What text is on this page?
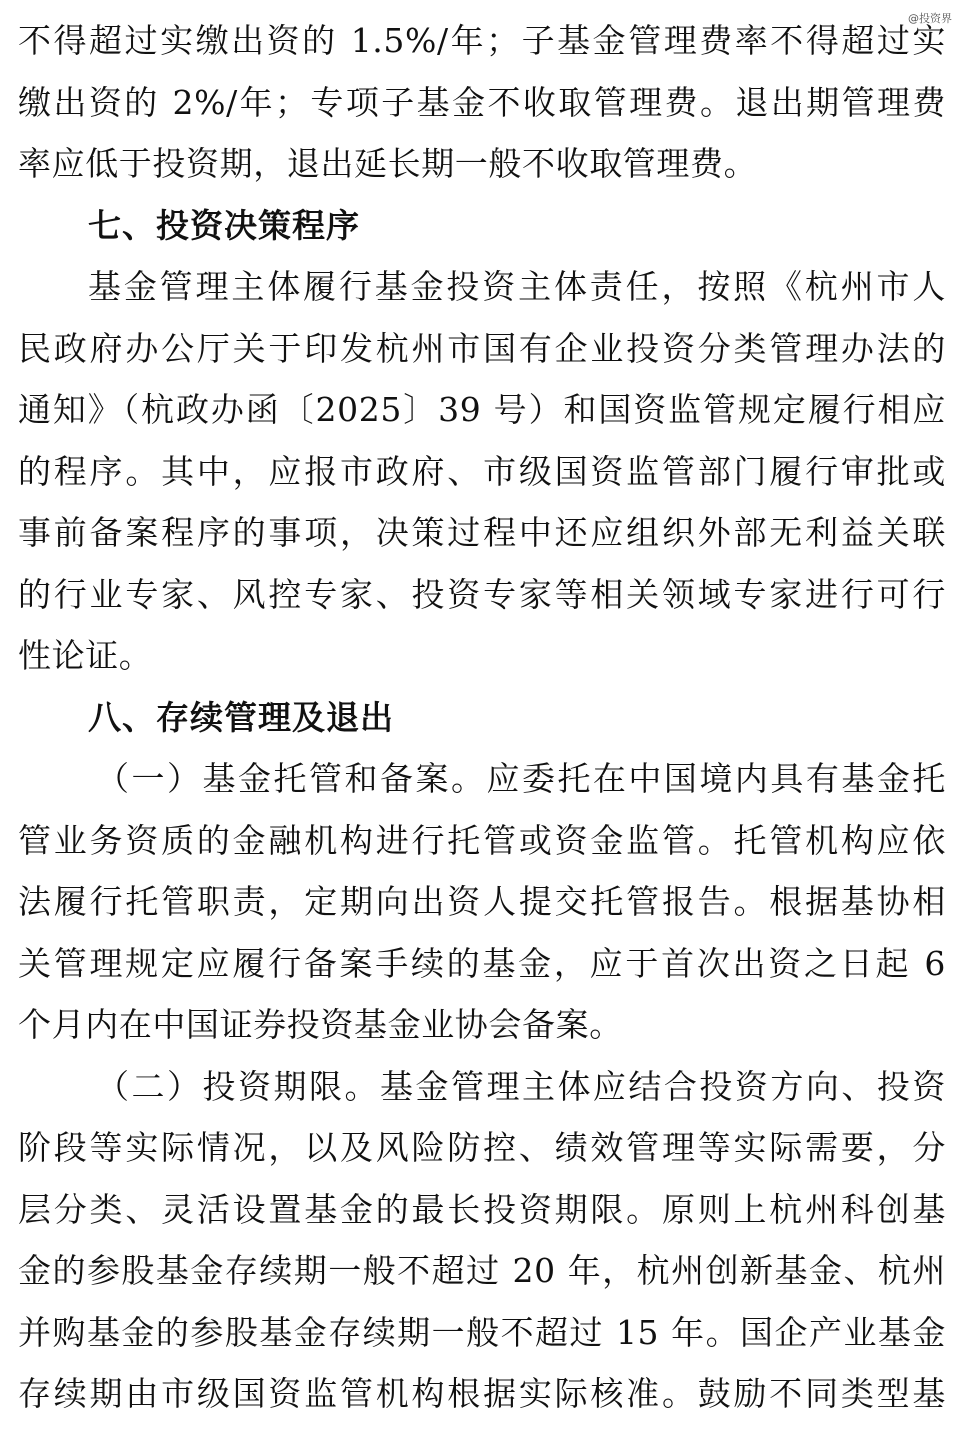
@投资界
不得超过实缴出资的 1.5%/年；子基金管理费率不得超过实
缴出资的 2%/年；专项子基金不收取管理费。退出期管理费
率应低于投资期，退出延长期一般不收取管理费。
七、投资决策程序
基金管理主体履行基金投资主体责任，按照《杭州市人
民政府办公厅关于印发杭州市国有企业投资分类管理办法的
通知》（杭政办函〔2025〕39 号）和国资监管规定履行相应
的程序。其中，应报市政府、市级国资监管部门履行审批或
事前备案程序的事项，决策过程中还应组织外部无利益关联
的行业专家、风控专家、投资专家等相关领域专家进行可行
性论证。
八、存续管理及退出
（一）基金托管和备案。应委托在中国境内具有基金托
管业务资质的金融机构进行托管或资金监管。托管机构应依
法履行托管职责，定期向出资人提交托管报告。根据基协相
关管理规定应履行备案手续的基金，应于首次出资之日起 6
个月内在中国证券投资基金业协会备案。
（二）投资期限。基金管理主体应结合投资方向、投资
阶段等实际情况，以及风险防控、绩效管理等实际需要，分
层分类、灵活设置基金的最长投资期限。原则上杭州科创基
金的参股基金存续期一般不超过 20 年，杭州创新基金、杭州
并购基金的参股基金存续期一般不超过 15 年。国企产业基金
存续期由市级国资监管机构根据实际核准。鼓励不同类型基
